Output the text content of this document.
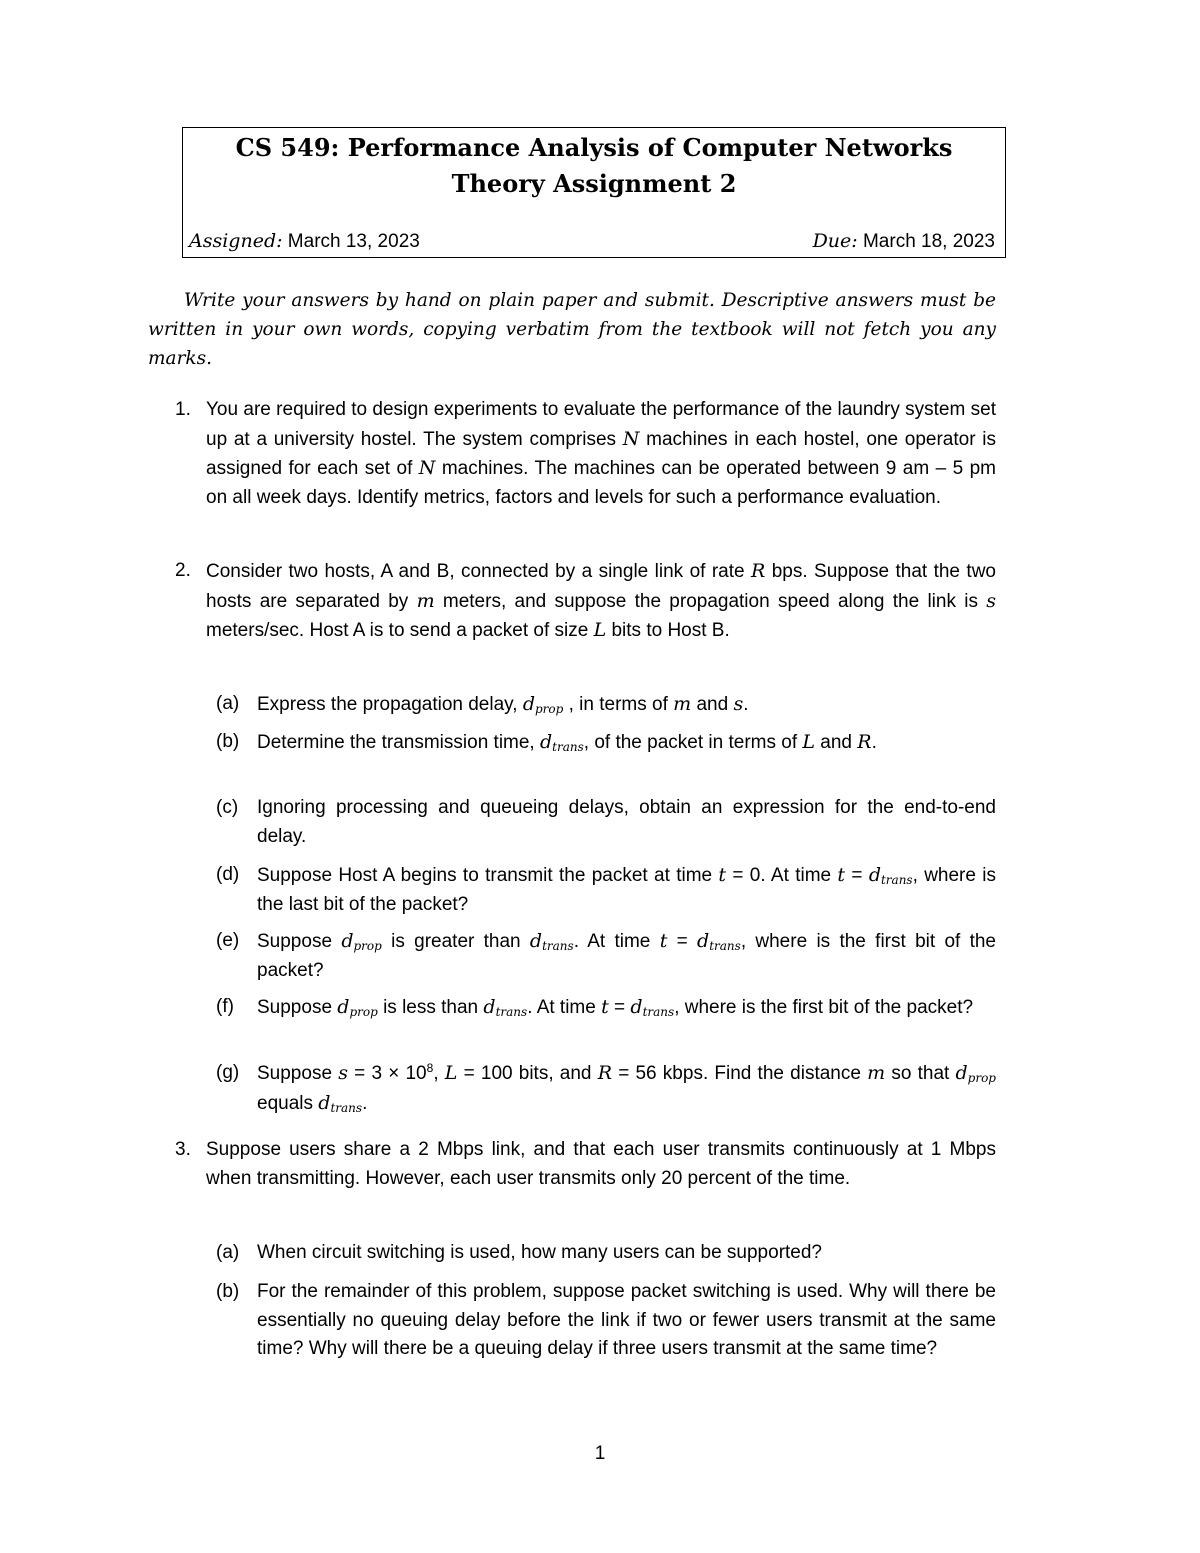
CS 549: Performance Analysis of Computer Networks
Theory Assignment 2
Assigned: March 13, 2023	Due: March 18, 2023
Write your answers by hand on plain paper and submit. Descriptive answers must be written in your own words, copying verbatim from the textbook will not fetch you any marks.
1. You are required to design experiments to evaluate the performance of the laundry system set up at a university hostel. The system comprises N machines in each hostel, one operator is assigned for each set of N machines. The machines can be operated between 9 am – 5 pm on all week days. Identify metrics, factors and levels for such a performance evaluation.
2. Consider two hosts, A and B, connected by a single link of rate R bps. Suppose that the two hosts are separated by m meters, and suppose the propagation speed along the link is s meters/sec. Host A is to send a packet of size L bits to Host B.
(a) Express the propagation delay, $d_{prop}$ , in terms of m and s.
(b) Determine the transmission time, $d_{trans}$, of the packet in terms of L and R.
(c) Ignoring processing and queueing delays, obtain an expression for the end-to-end delay.
(d) Suppose Host A begins to transmit the packet at time t = 0. At time $t = d_{trans}$, where is the last bit of the packet?
(e) Suppose $d_{prop}$ is greater than $d_{trans}$. At time $t = d_{trans}$, where is the first bit of the packet?
(f) Suppose $d_{prop}$ is less than $d_{trans}$. At time $t = d_{trans}$, where is the first bit of the packet?
(g) Suppose $s = 3 \times 10^8$, L = 100 bits, and R = 56 kbps. Find the distance m so that $d_{prop}$ equals $d_{trans}$.
3. Suppose users share a 2 Mbps link, and that each user transmits continuously at 1 Mbps when transmitting. However, each user transmits only 20 percent of the time.
(a) When circuit switching is used, how many users can be supported?
(b) For the remainder of this problem, suppose packet switching is used. Why will there be essentially no queuing delay before the link if two or fewer users transmit at the same time? Why will there be a queuing delay if three users transmit at the same time?
1
